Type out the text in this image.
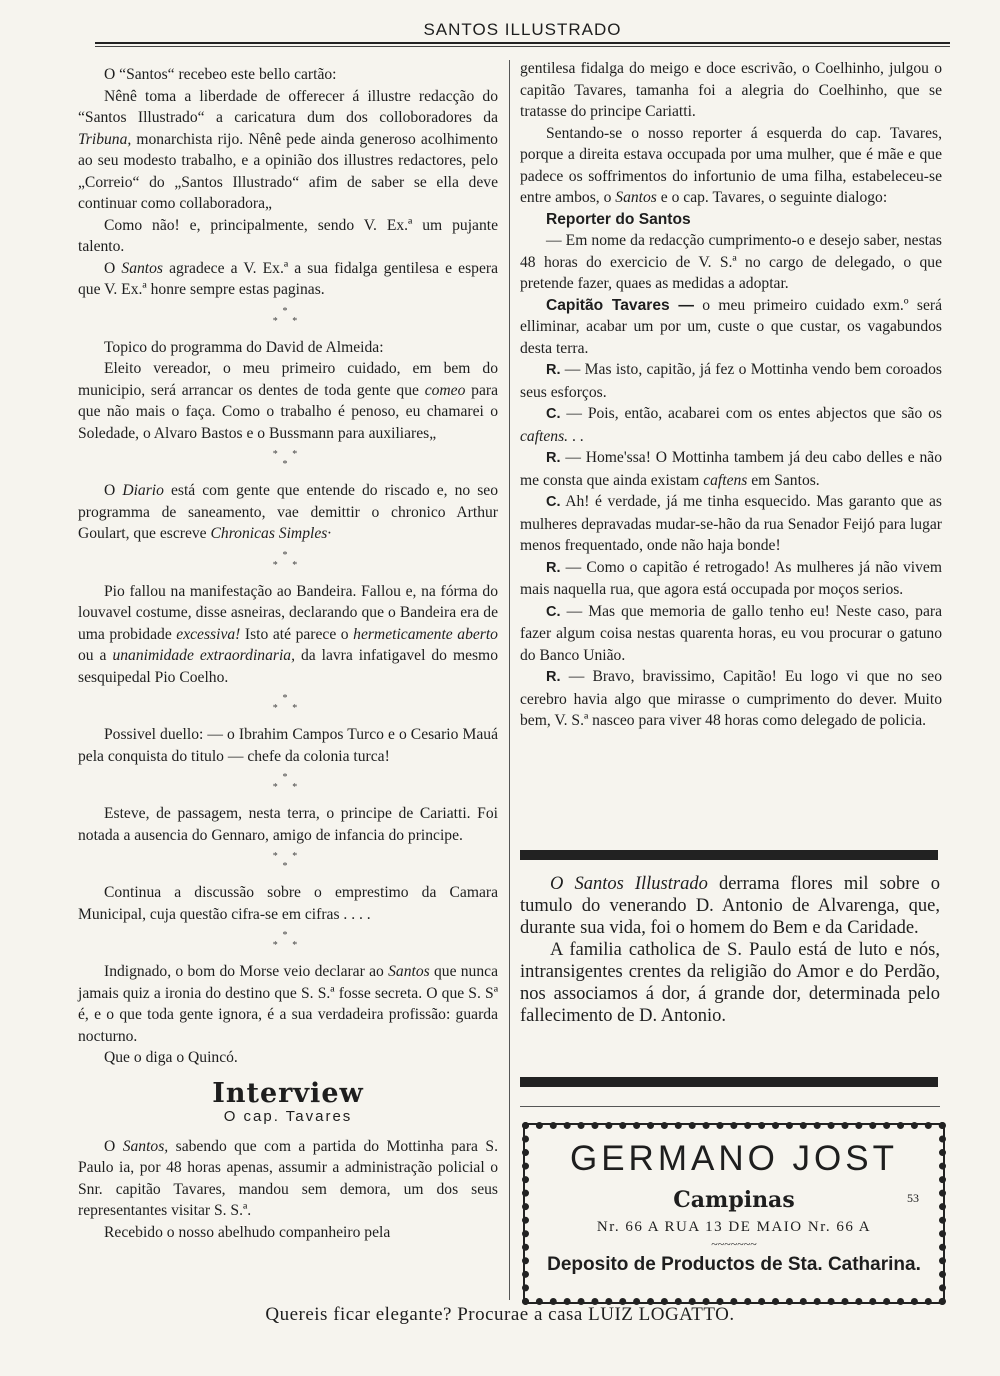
SANTOS ILLUSTRADO

O “Santos“ recebeo este bello cartão:

Nênê toma a liberdade de offerecer á illustre redacção do “Santos Illustrado“ a caricatura dum dos colloboradores da Tribuna, monarchista rijo. Nênê pede ainda generoso acolhimento ao seu modesto trabalho, e a opinião dos illustres redactores, pelo „Correio“ do „Santos Illustrado“ afim de saber se ella deve continuar como collaboradora„

Como não! e, principalmente, sendo V. Ex.ª um pujante talento.

O Santos agradece a V. Ex.ª a sua fidalga gentilesa e espera que V. Ex.ª honre sempre estas paginas.

*
* *

Topico do programma do David de Almeida:

Eleito vereador, o meu primeiro cuidado, em bem do municipio, será arrancar os dentes de toda gente que comeo para que não mais o faça. Como o trabalho é penoso, eu chamarei o Soledade, o Alvaro Bastos e o Bussmann para auxiliares„

* *
*

O Diario está com gente que entende do riscado e, no seo programma de saneamento, vae demittir o chronico Arthur Goulart, que escreve Chronicas Simples·

*
* *

Pio fallou na manifestação ao Bandeira. Fallou e, na fórma do louvavel costume, disse asneiras, declarando que o Bandeira era de uma probidade excessiva! Isto até parece o hermeticamente aberto ou a unanimidade extraordinaria, da lavra infatigavel do mesmo sesquipedal Pio Coelho.

*
* *

Possivel duello: — o Ibrahim Campos Turco e o Cesario Mauá pela conquista do titulo — chefe da colonia turca!

*
* *

Esteve, de passagem, nesta terra, o principe de Cariatti. Foi notada a ausencia do Gennaro, amigo de infancia do principe.

* *
*

Continua a discussão sobre o emprestimo da Camara Municipal, cuja questão cifra-se em cifras . . . .

*
* *

Indignado, o bom do Morse veio declarar ao Santos que nunca jamais quiz a ironia do destino que S. S.ª fosse secreta. O que S. Sª é, e o que toda gente ignora, é a sua verdadeira profissão: guarda nocturno.

Que o diga o Quincó.

Interview
O cap. Tavares

O Santos, sabendo que com a partida do Mottinha para S. Paulo ia, por 48 horas apenas, assumir a administração policial o Snr. capitão Tavares, mandou sem demora, um dos seus representantes visitar S. S.ª.

Recebido o nosso abelhudo companheiro pela

gentilesa fidalga do meigo e doce escrivão, o Coelhinho, julgou o capitão Tavares, tamanha foi a alegria do Coelhinho, que se tratasse do principe Cariatti.

Sentando-se o nosso reporter á esquerda do cap. Tavares, porque a direita estava occupada por uma mulher, que é mãe e que padece os soffrimentos do infortunio de uma filha, estabeleceu-se entre ambos, o Santos e o cap. Tavares, o seguinte dialogo:

Reporter do Santos

— Em nome da redacção cumprimento-o e desejo saber, nestas 48 horas do exercicio de V. S.ª no cargo de delegado, o que pretende fazer, quaes as medidas a adoptar.

Capitão Tavares — o meu primeiro cuidado exm.º será elliminar, acabar um por um, custe o que custar, os vagabundos desta terra.

R. — Mas isto, capitão, já fez o Mottinha vendo bem coroados seus esforços.

C. — Pois, então, acabarei com os entes abjectos que são os caftens. . .

R. — Home'ssa! O Mottinha tambem já deu cabo delles e não me consta que ainda existam caftens em Santos.

C. Ah! é verdade, já me tinha esquecido. Mas garanto que as mulheres depravadas mudar-se-hão da rua Senador Feijó para lugar menos frequentado, onde não haja bonde!

R. — Como o capitão é retrogado! As mulheres já não vivem mais naquella rua, que agora está occupada por moços serios.

C. — Mas que memoria de gallo tenho eu! Neste caso, para fazer algum coisa nestas quarenta horas, eu vou procurar o gatuno do Banco União.

R. — Bravo, bravissimo, Capitão! Eu logo vi que no seo cerebro havia algo que mirasse o cumprimento do dever. Muito bem, V. S.ª nasceo para viver 48 horas como delegado de policia.

O Santos Illustrado derrama flores mil sobre o tumulo do venerando D. Antonio de Alvarenga, que, durante sua vida, foi o homem do Bem e da Caridade.

A familia catholica de S. Paulo está de luto e nós, intransigentes crentes da religião do Amor e do Perdão, nos associamos á dor, á grande dor, determinada pelo fallecimento de D. Antonio.

GERMANO JOST
Campinas	53
Nr. 66 A RUA 13 DE MAIO Nr. 66 A
~~~~~~~
Deposito de Productos de Sta. Catharina.
Quereis ficar elegante? Procurae a casa LUIZ LOGATTO.
